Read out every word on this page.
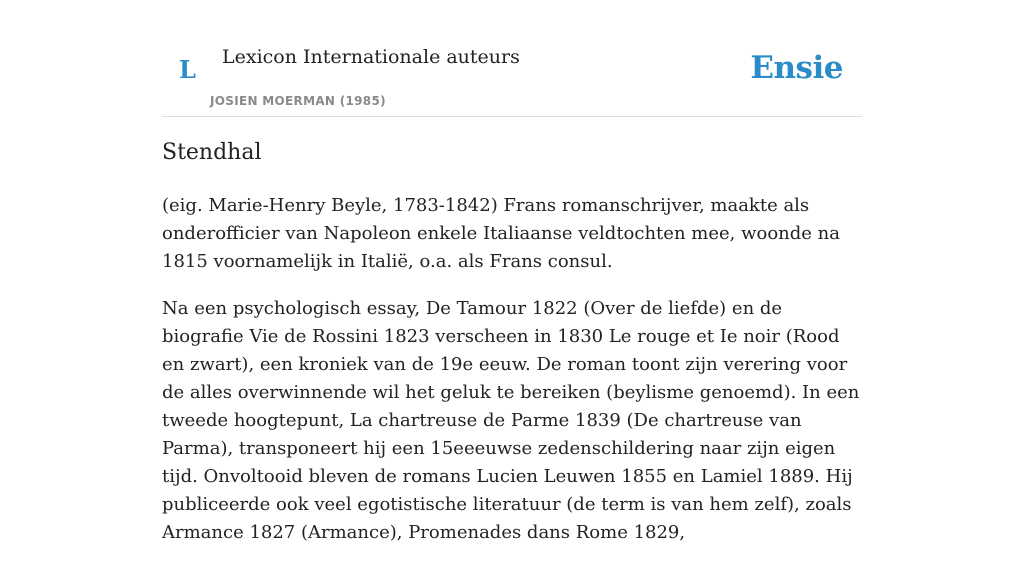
L Lexicon Internationale auteurs
JOSIEN MOERMAN (1985)
Ensie
Stendhal

(eig. Marie-Henry Beyle, 1783-1842) Frans romanschrijver, maakte als onderofficier van Napoleon enkele Italiaanse veldtochten mee, woonde na 1815 voornamelijk in Italië, o.a. als Frans consul.

Na een psychologisch essay, De Tamour 1822 (Over de liefde) en de biografie Vie de Rossini 1823 verscheen in 1830 Le rouge et Ie noir (Rood en zwart), een kroniek van de 19e eeuw. De roman toont zijn verering voor de alles overwinnende wil het geluk te bereiken (beylisme genoemd). In een tweede hoogtepunt, La chartreuse de Parme 1839 (De chartreuse van Parma), transponeert hij een 15eeeuwse zedenschildering naar zijn eigen tijd. Onvoltooid bleven de romans Lucien Leuwen 1855 en Lamiel 1889. Hij publiceerde ook veel egotistische literatuur (de term is van hem zelf), zoals Armance 1827 (Armance), Promenades dans Rome 1829,
